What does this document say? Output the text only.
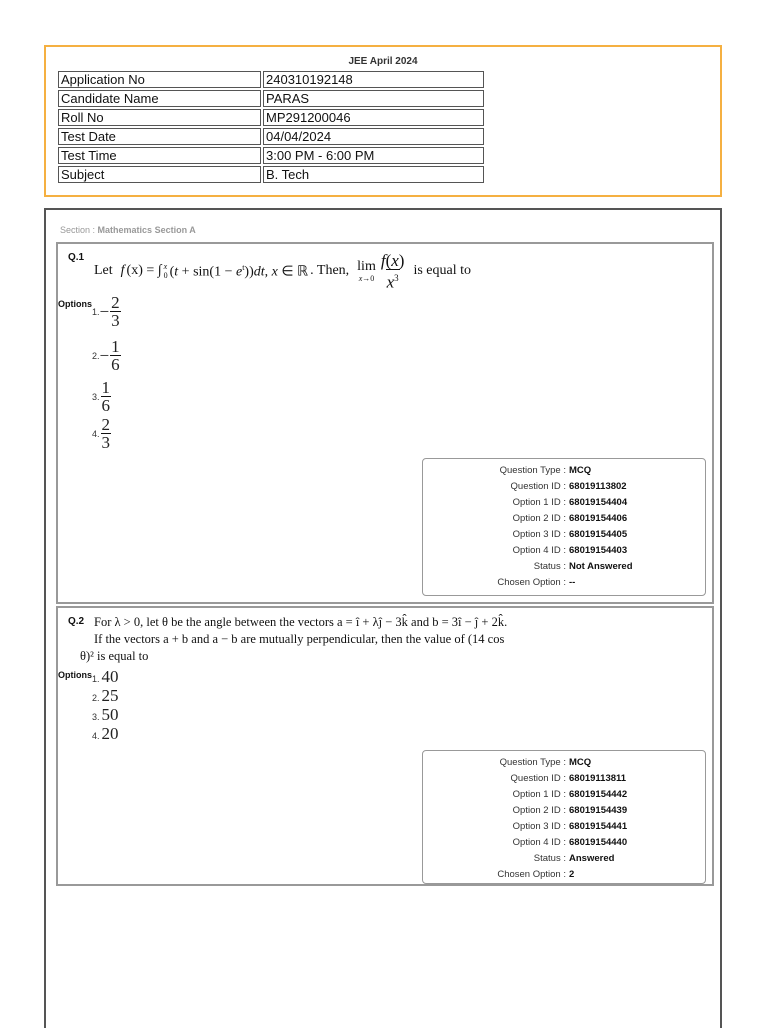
JEE April 2024
Application No	240310192148
Candidate Name	PARAS
Roll No	MP291200046
Test Date	04/04/2024
Test Time	3:00 PM - 6:00 PM
Subject	B. Tech
Section : Mathematics Section A
Q.1
Let f (x) = ∫ x
0 $(t + \sin(1 - e^t))dt$, x ∈ ℝ . Then, lim
$x\to 0 \frac{f(x)}{x^3}$ is equal to
Options
1. − $\frac{2}{3}$
2. − $\frac{1}{6}$
3. $\frac{1}{6}$
4. $\frac{2}{3}$
Question Type : MCQ
Question ID : 68019113802
Option 1 ID : 68019154404
Option 2 ID : 68019154406
Option 3 ID : 68019154405
Option 4 ID : 68019154403
Status : Not Answered
Chosen Option : --
Q.2 For λ > 0, let θ be the angle between the vectors a = î + λĵ − 3k̂ and b = 3î − ĵ + 2k̂.
If the vectors a + b and a − b are mutually perpendicular, then the value of (14 cos
θ)² is equal to
Options 1. 40
2. 25
3. 50
4. 20
Question Type : MCQ
Question ID : 68019113811
Option 1 ID : 68019154442
Option 2 ID : 68019154439
Option 3 ID : 68019154441
Option 4 ID : 68019154440
Status : Answered
Chosen Option : 2
